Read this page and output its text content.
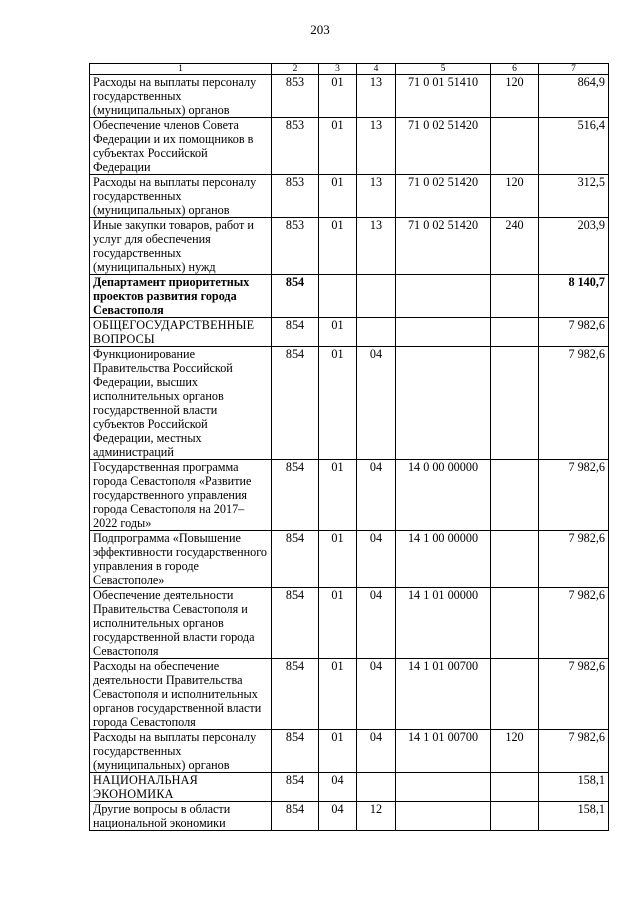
203
1	2	3	4	5	6	7
Расходы на выплаты персоналу государственных (муниципальных) органов	853	01	13	71 0 01 51410	120	864,9
Обеспечение членов Совета Федерации и их помощников в субъектах Российской Федерации	853	01	13	71 0 02 51420		516,4
Расходы на выплаты персоналу государственных (муниципальных) органов	853	01	13	71 0 02 51420	120	312,5
Иные закупки товаров, работ и услуг для обеспечения государственных (муниципальных) нужд	853	01	13	71 0 02 51420	240	203,9
Департамент приоритетных проектов развития города Севастополя	854					8 140,7
ОБЩЕГОСУДАРСТВЕННЫЕ ВОПРОСЫ	854	01				7 982,6
Функционирование Правительства Российской Федерации, высших исполнительных органов государственной власти субъектов Российской Федерации, местных администраций	854	01	04			7 982,6
Государственная программа города Севастополя «Развитие государственного управления города Севастополя на 2017–2022 годы»	854	01	04	14 0 00 00000		7 982,6
Подпрограмма «Повышение эффективности государственного управления в городе Севастополе»	854	01	04	14 1 00 00000		7 982,6
Обеспечение деятельности Правительства Севастополя и исполнительных органов государственной власти города Севастополя	854	01	04	14 1 01 00000		7 982,6
Расходы на обеспечение деятельности Правительства Севастополя и исполнительных органов государственной власти города Севастополя	854	01	04	14 1 01 00700		7 982,6
Расходы на выплаты персоналу государственных (муниципальных) органов	854	01	04	14 1 01 00700	120	7 982,6
НАЦИОНАЛЬНАЯ ЭКОНОМИКА	854	04				158,1
Другие вопросы в области национальной экономики	854	04	12			158,1
